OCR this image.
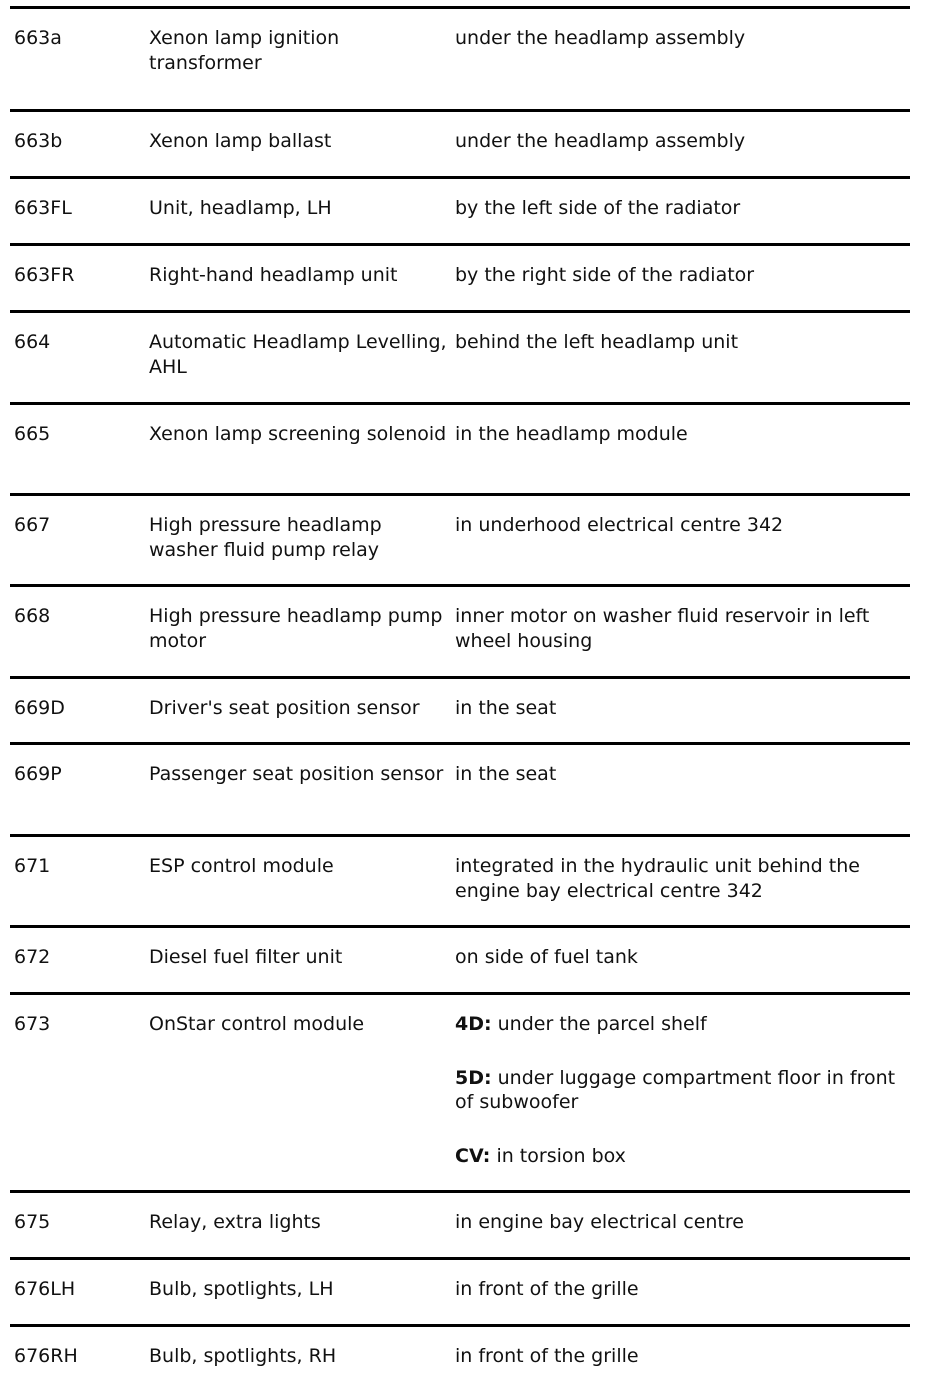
663a	Xenon lamp ignition transformer	under the headlamp assembly

663b	Xenon lamp ballast	under the headlamp assembly

663FL	Unit, headlamp, LH	by the left side of the radiator

663FR	Right-hand headlamp unit	by the right side of the radiator

664	Automatic Headlamp Levelling, AHL	behind the left headlamp unit

665	Xenon lamp screening solenoid	in the headlamp module

667	High pressure headlamp washer fluid pump relay	in underhood electrical centre 342

668	High pressure headlamp pump motor	inner motor on washer fluid reservoir in left wheel housing

669D	Driver's seat position sensor	in the seat

669P	Passenger seat position sensor	in the seat

671	ESP control module	integrated in the hydraulic unit behind the engine bay electrical centre 342

672	Diesel fuel filter unit	on side of fuel tank

673	OnStar control module	4D: under the parcel shelf
5D: under luggage compartment floor in front of subwoofer
CV: in torsion box

675	Relay, extra lights	in engine bay electrical centre

676LH	Bulb, spotlights, LH	in front of the grille

676RH	Bulb, spotlights, RH	in front of the grille
